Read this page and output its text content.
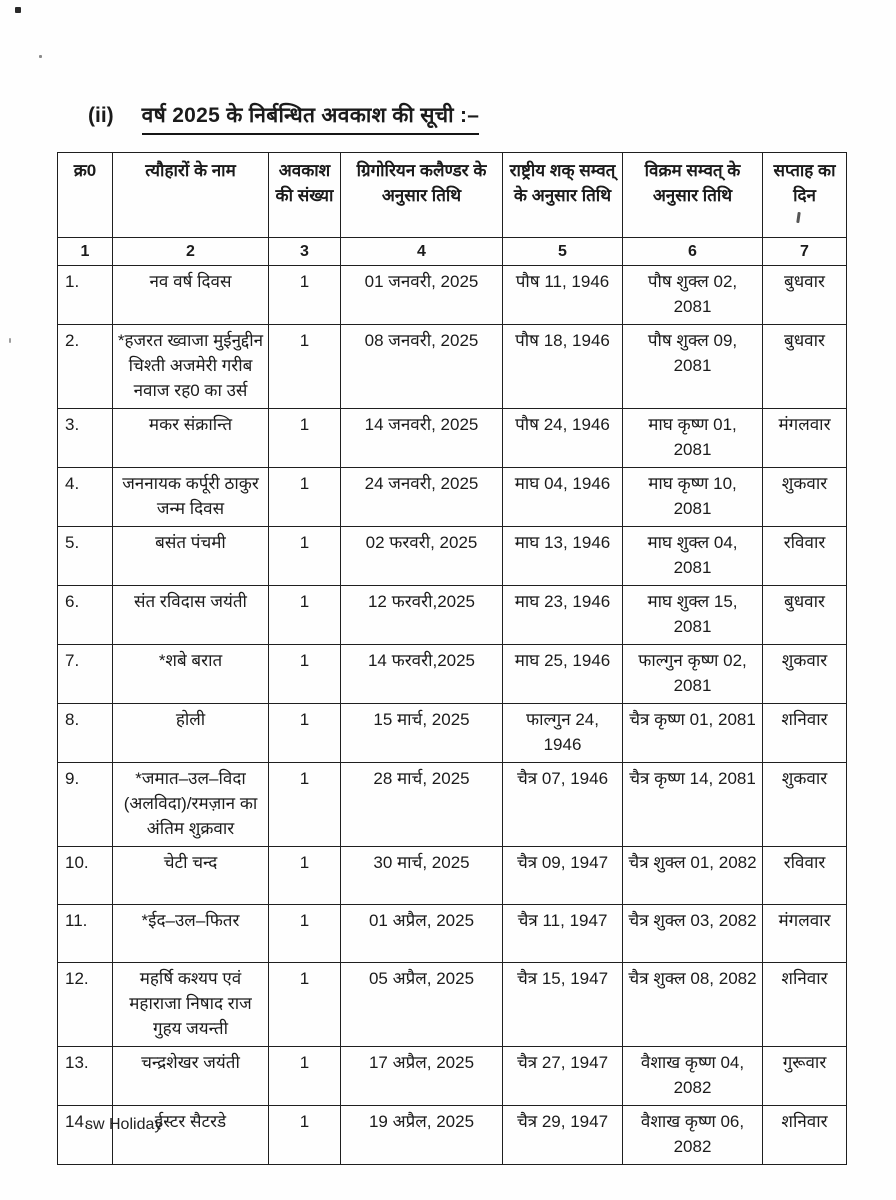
(ii) वर्ष 2025 के निर्बन्धित अवकाश की सूची :–
क्र0	त्यौहारों के नाम	अवकाश की संख्या	ग्रिगोरियन कलैण्डर के अनुसार तिथि	राष्ट्रीय शक् सम्वत् के अनुसार तिथि	विक्रम सम्वत् के अनुसार तिथि	सप्ताह का दिन
1	2	3	4	5	6	7
1.	नव वर्ष दिवस	1	01 जनवरी, 2025	पौष 11, 1946	पौष शुक्ल 02, 2081	बुधवार
2.	*हजरत ख्वाजा मुईनुद्दीन चिश्ती अजमेरी गरीब नवाज रह0 का उर्स	1	08 जनवरी, 2025	पौष 18, 1946	पौष शुक्ल 09, 2081	बुधवार
3.	मकर संक्रान्ति	1	14 जनवरी, 2025	पौष 24, 1946	माघ कृष्ण 01, 2081	मंगलवार
4.	जननायक कर्पूरी ठाकुर जन्म दिवस	1	24 जनवरी, 2025	माघ 04, 1946	माघ कृष्ण 10, 2081	शुकवार
5.	बसंत पंचमी	1	02 फरवरी, 2025	माघ 13, 1946	माघ शुक्ल 04, 2081	रविवार
6.	संत रविदास जयंती	1	12 फरवरी,2025	माघ 23, 1946	माघ शुक्ल 15, 2081	बुधवार
7.	*शबे बरात	1	14 फरवरी,2025	माघ 25, 1946	फाल्गुन कृष्ण 02, 2081	शुकवार
8.	होली	1	15 मार्च, 2025	फाल्गुन 24, 1946	चैत्र कृष्ण 01, 2081	शनिवार
9.	*जमात–उल–विदा (अलविदा)/रमज़ान का अंतिम शुक्रवार	1	28 मार्च, 2025	चैत्र 07, 1946	चैत्र कृष्ण 14, 2081	शुकवार
10.	चेटी चन्द	1	30 मार्च, 2025	चैत्र 09, 1947	चैत्र शुक्ल 01, 2082	रविवार
11.	*ईद–उल–फितर	1	01 अप्रैल, 2025	चैत्र 11, 1947	चैत्र शुक्ल 03, 2082	मंगलवार
12.	महर्षि कश्यप एवं महाराजा निषाद राज गुहय जयन्ती	1	05 अप्रैल, 2025	चैत्र 15, 1947	चैत्र शुक्ल 08, 2082	शनिवार
13.	चन्द्रशेखर जयंती	1	17 अप्रैल, 2025	चैत्र 27, 1947	वैशाख कृष्ण 04, 2082	गुरूवार
14.	ईस्टर सैटरडे	1	19 अप्रैल, 2025	चैत्र 29, 1947	वैशाख कृष्ण 06, 2082	शनिवार
sw Holiday
